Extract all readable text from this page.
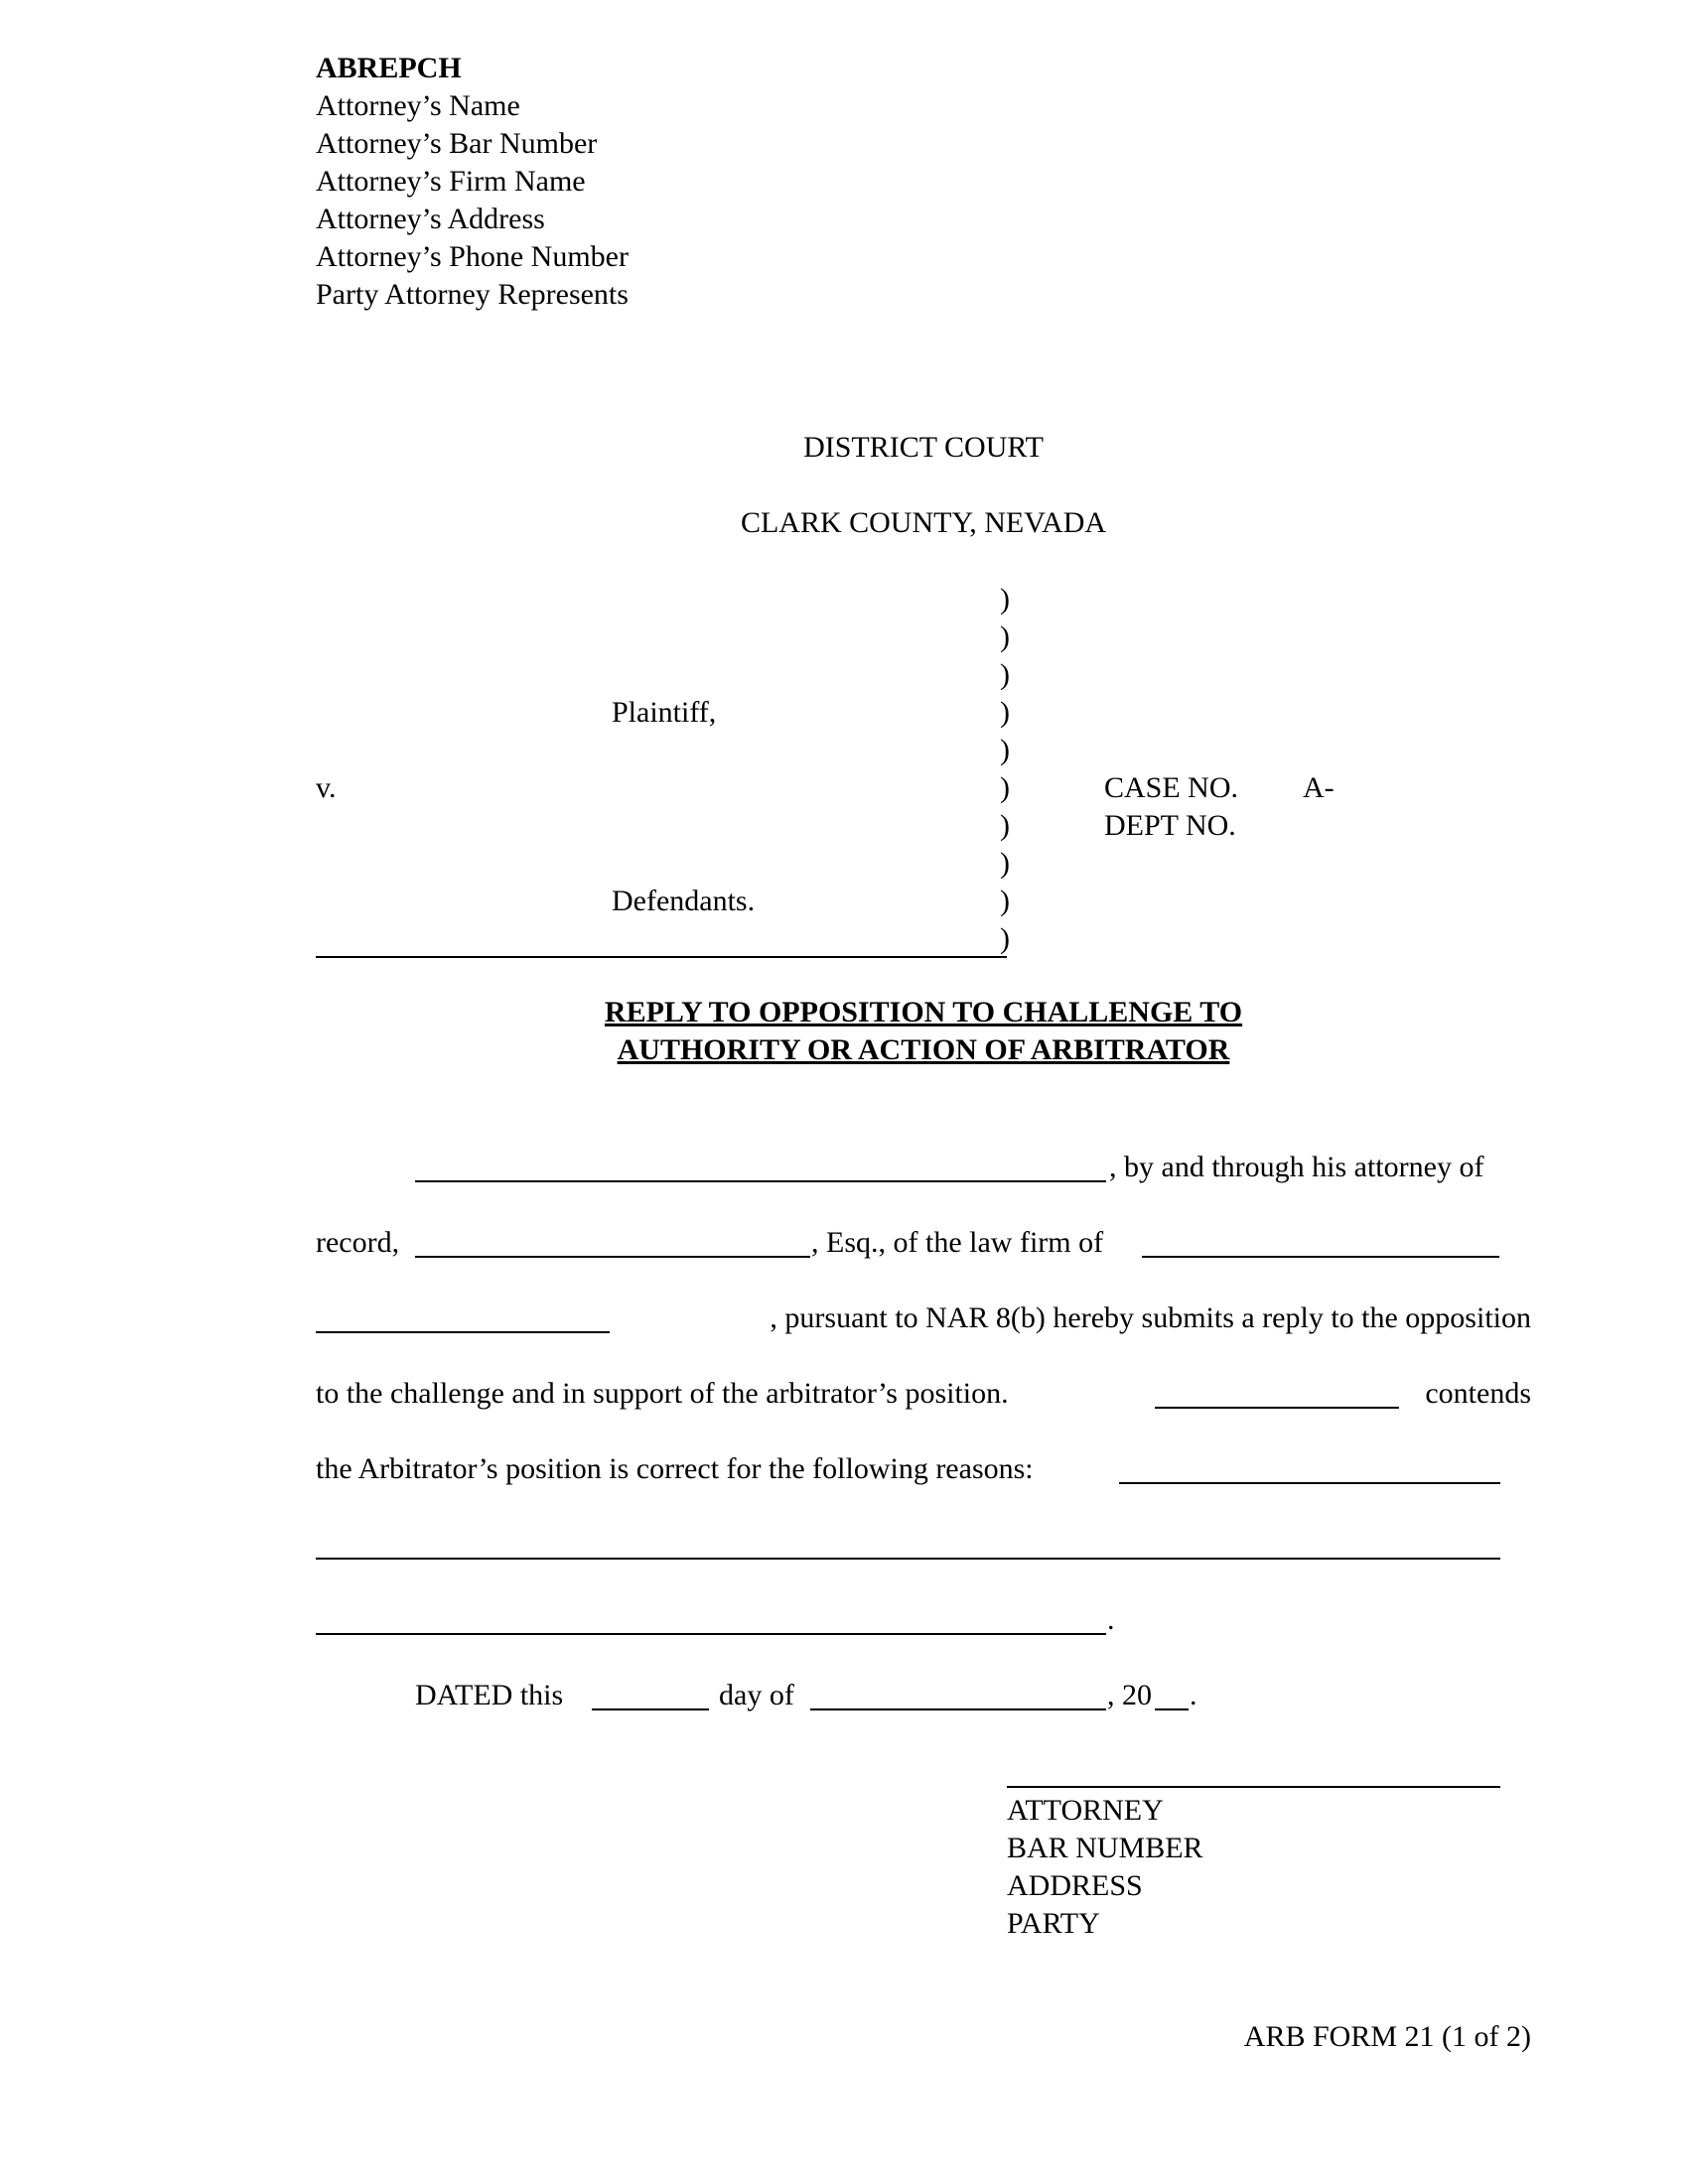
ABREPCH
Attorney’s Name
Attorney’s Bar Number
Attorney’s Firm Name
Attorney’s Address
Attorney’s Phone Number
Party Attorney Represents
DISTRICT COURT
CLARK COUNTY, NEVADA
)
)
)
)
)
)
)
)
)
)
Plaintiff,
v.
Defendants.
CASE NO. A-
DEPT NO.
REPLY TO OPPOSITION TO CHALLENGE TO
AUTHORITY OR ACTION OF ARBITRATOR
, by and through his attorney of
record,	, Esq., of the law firm of
, pursuant to NAR 8(b) hereby submits a reply to the opposition
to the challenge and in support of the arbitrator’s position.	contends
the Arbitrator’s position is correct for the following reasons:
.
DATED this	day of	, 20 .
ATTORNEY
BAR NUMBER
ADDRESS
PARTY
ARB FORM 21 (1 of 2)
